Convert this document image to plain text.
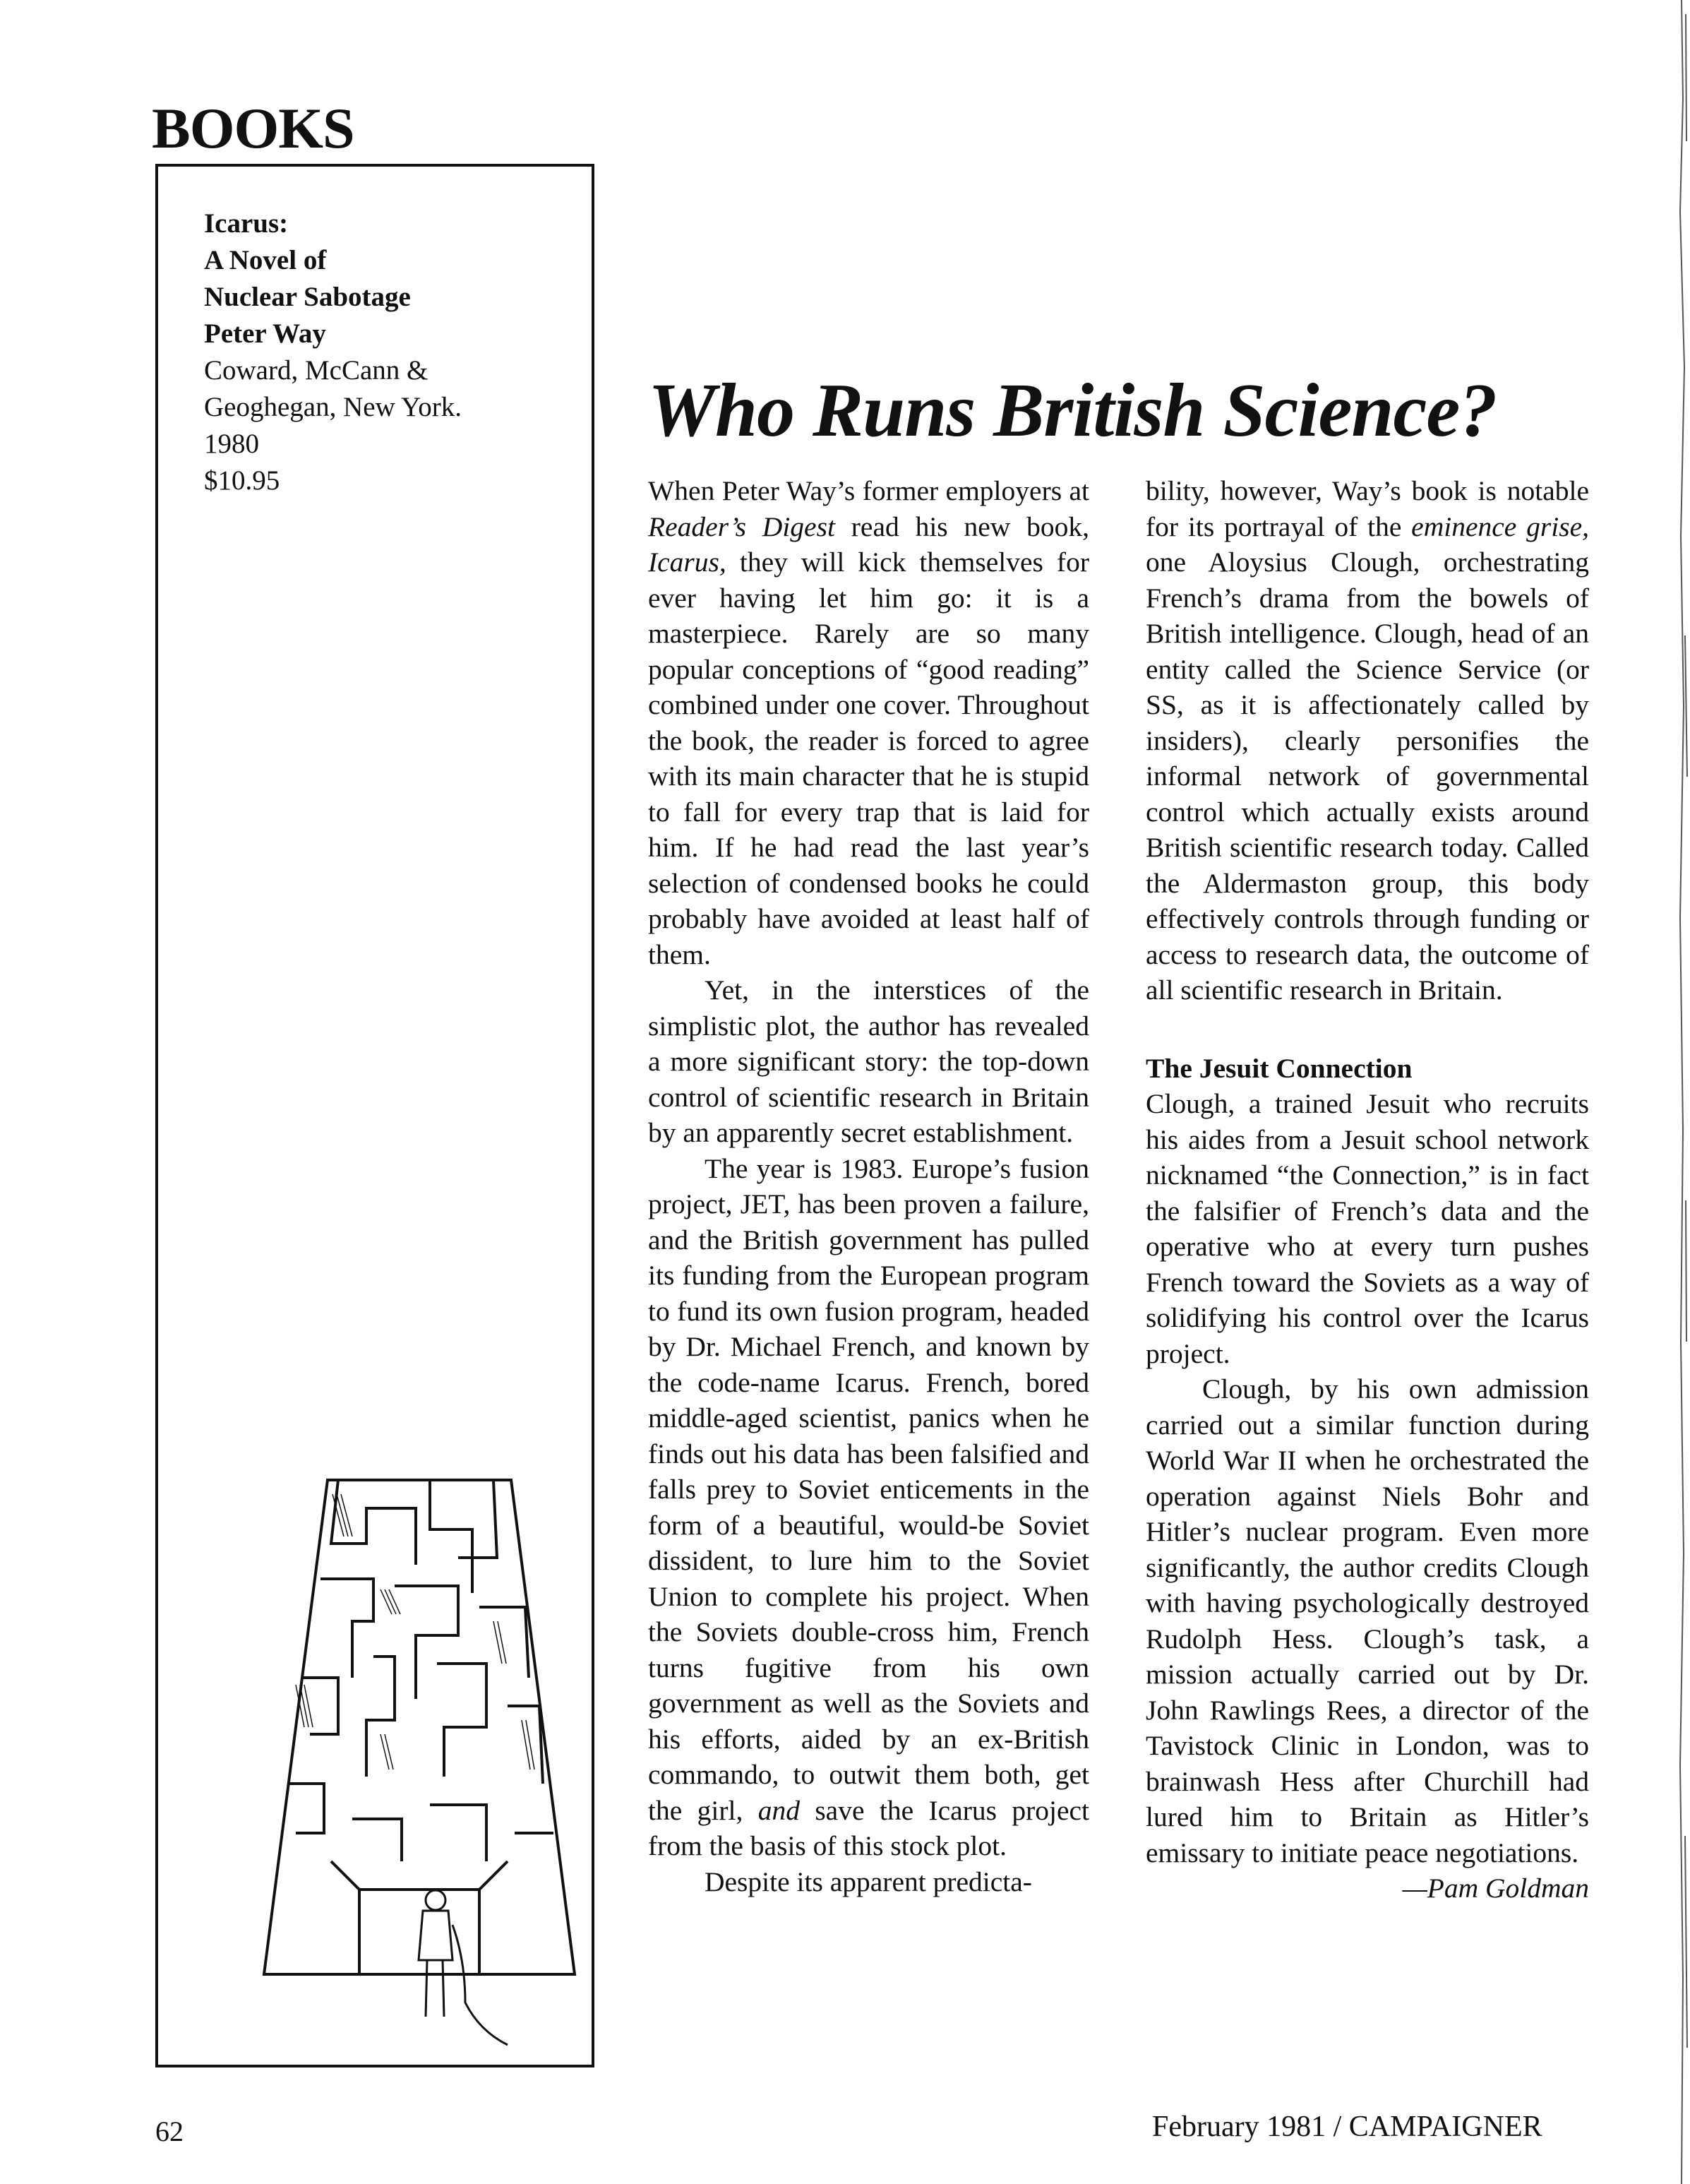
BOOKS
Icarus:
A Novel of
Nuclear Sabotage
Peter Way
Coward, McCann &
Geoghegan, New York.
1980
$10.95
Who Runs British Science?

When Peter Way’s former employers at Reader’s Digest read his new book, Icarus, they will kick themselves for ever having let him go: it is a masterpiece. Rarely are so many popular conceptions of “good reading” combined under one cover. Throughout the book, the reader is forced to agree with its main character that he is stupid to fall for every trap that is laid for him. If he had read the last year’s selection of condensed books he could probably have avoided at least half of them.

Yet, in the interstices of the simplistic plot, the author has revealed a more significant story: the top-down control of scientific research in Britain by an apparently secret establishment.

The year is 1983. Europe’s fusion project, JET, has been proven a failure, and the British government has pulled its funding from the European program to fund its own fusion program, headed by Dr. Michael French, and known by the code-name Icarus. French, bored middle-aged scientist, panics when he finds out his data has been falsified and falls prey to Soviet enticements in the form of a beautiful, would-be Soviet dissident, to lure him to the Soviet Union to complete his project. When the Soviets double-cross him, French turns fugitive from his own government as well as the Soviets and his efforts, aided by an ex-British commando, to outwit them both, get the girl, and save the Icarus project from the basis of this stock plot.

Despite its apparent predicta-

bility, however, Way’s book is notable for its portrayal of the eminence grise, one Aloysius Clough, orchestrating French’s drama from the bowels of British intelligence. Clough, head of an entity called the Science Service (or SS, as it is affectionately called by insiders), clearly personifies the informal network of governmental control which actually exists around British scientific research today. Called the Aldermaston group, this body effectively controls through funding or access to research data, the outcome of all scientific research in Britain.

The Jesuit Connection

Clough, a trained Jesuit who recruits his aides from a Jesuit school network nicknamed “the Connection,” is in fact the falsifier of French’s data and the operative who at every turn pushes French toward the Soviets as a way of solidifying his control over the Icarus project.

Clough, by his own admission carried out a similar function during World War II when he orchestrated the operation against Niels Bohr and Hitler’s nuclear program. Even more significantly, the author credits Clough with having psychologically destroyed Rudolph Hess. Clough’s task, a mission actually carried out by Dr. John Rawlings Rees, a director of the Tavistock Clinic in London, was to brainwash Hess after Churchill had lured him to Britain as Hitler’s emissary to initiate peace negotiations.

—Pam Goldman

62	February 1981 / CAMPAIGNER
